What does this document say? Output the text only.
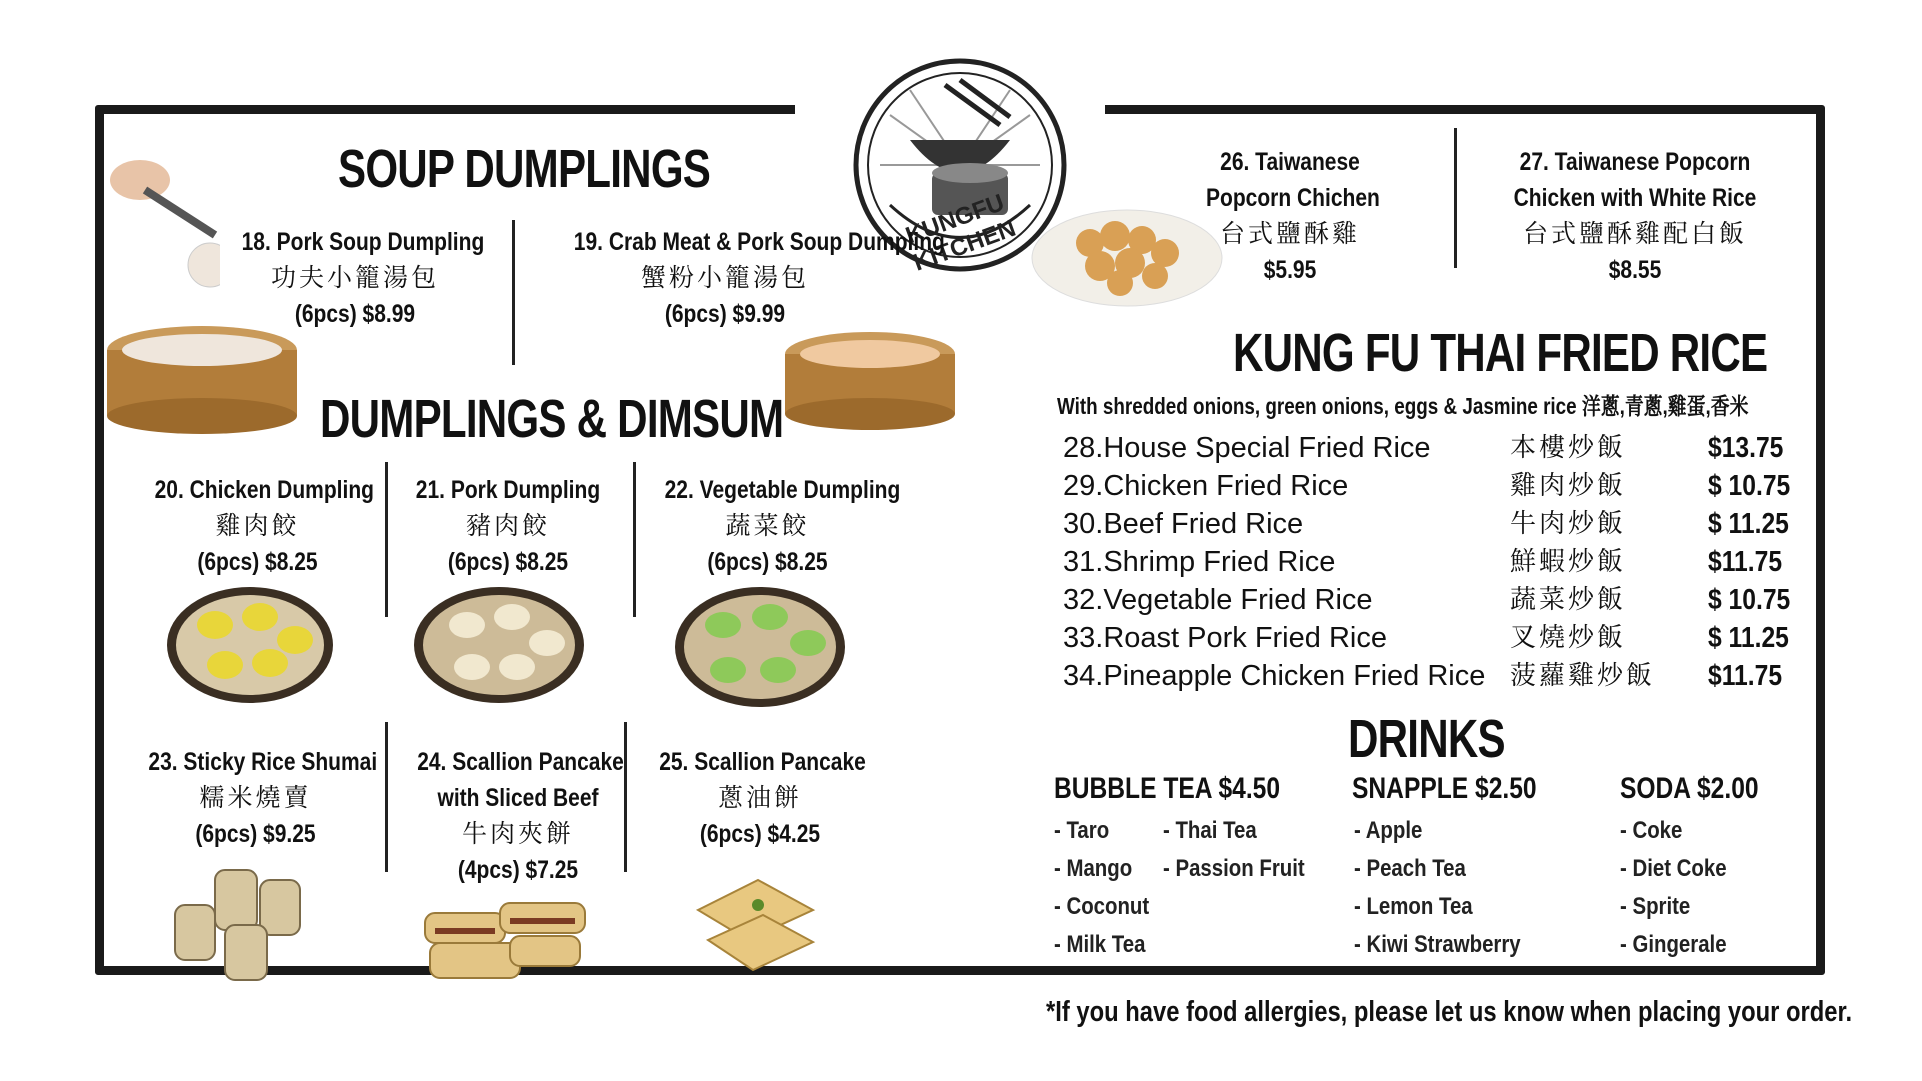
KUNGFU KITCHEN
SOUP DUMPLINGS
18. Pork Soup Dumpling
功夫小籠湯包
(6pcs) $8.99
19. Crab Meat & Pork Soup Dumpling
蟹粉小籠湯包
(6pcs) $9.99
DUMPLINGS & DIMSUM
20. Chicken Dumpling
雞肉餃
(6pcs) $8.25
21. Pork Dumpling
豬肉餃
(6pcs) $8.25
22. Vegetable Dumpling
蔬菜餃
(6pcs) $8.25
23. Sticky Rice Shumai
糯米燒賣
(6pcs) $9.25
24. Scallion Pancake
with Sliced Beef
牛肉夾餅
(4pcs) $7.25
25. Scallion Pancake
蔥油餅
(6pcs) $4.25
26. Taiwanese
Popcorn Chichen
台式鹽酥雞
$5.95
27. Taiwanese Popcorn
Chicken with White Rice
台式鹽酥雞配白飯
$8.55
KUNG FU THAI FRIED RICE
With shredded onions, green onions, eggs & Jasmine rice 洋蔥,青蔥,雞蛋,香米
28.House Special Fried Rice	本樓炒飯	$13.75
29.Chicken Fried Rice	雞肉炒飯	$ 10.75
30.Beef Fried Rice	牛肉炒飯	$ 11.25
31.Shrimp Fried Rice	鮮蝦炒飯	$11.75
32.Vegetable Fried Rice	蔬菜炒飯	$ 10.75
33.Roast Pork Fried Rice	叉燒炒飯	$ 11.25
34.Pineapple Chicken Fried Rice 菠蘿雞炒飯 $11.75
DRINKS
BUBBLE TEA $4.50
- Taro
- Mango
- Coconut
- Milk Tea
- Thai Tea
- Passion Fruit
SNAPPLE $2.50
- Apple
- Peach Tea
- Lemon Tea
- Kiwi Strawberry
SODA $2.00
- Coke
- Diet Coke
- Sprite
- Gingerale
*If you have food allergies, please let us know when placing your order.
